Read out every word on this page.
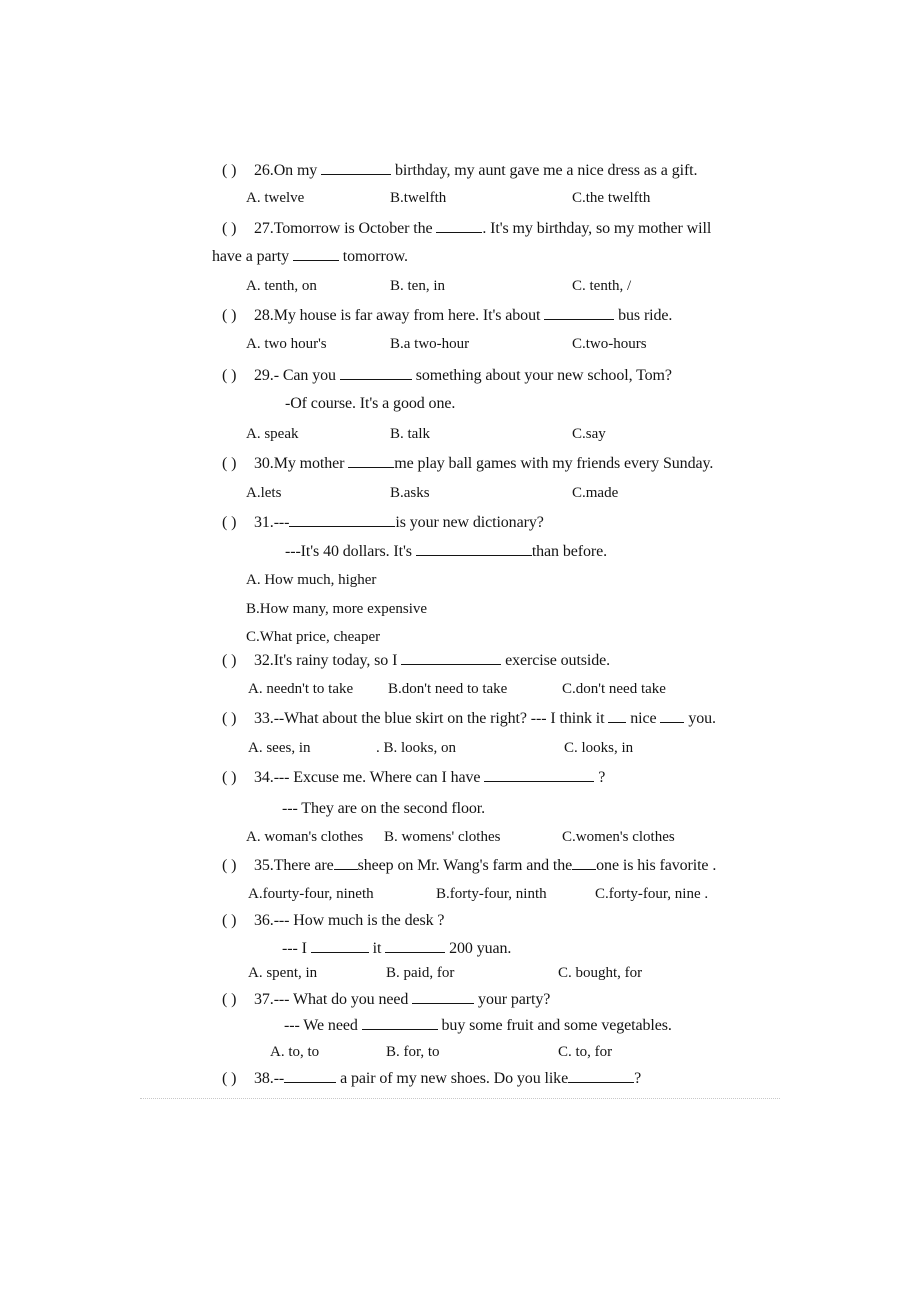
( ) 26.On my	birthday, my aunt gave me a nice dress as a gift.
A. twelve	B.twelfth	C.the twelfth
( ) 27.Tomorrow is October the	. It's my birthday, so my mother will
have a party	tomorrow.
A. tenth, on	B. ten, in	C. tenth, /
( ) 28.My house is far away from here. It's about	bus ride.
A. two hour's	B.a two-hour	C.two-hours
( ) 29.- Can you	something about your new school, Tom?
-Of course. It's a good one.
A. speak	B. talk	C.say
( ) 30.My mother	me play ball games with my friends every Sunday.
A.lets	B.asks	C.made
( ) 31.---	is your new dictionary?
---It's 40 dollars. It's	than before.
A. How much, higher
B.How many, more expensive
C.What price, cheaper
( ) 32.It's rainy today, so I	exercise outside.
A. needn't to take B.don't need to take	C.don't need take
( ) 33.--What about the blue skirt on the right? --- I think it  nice  you.
A. sees, in	. B. looks, on	C. looks, in
( ) 34.--- Excuse me. Where can I have	?
--- They are on the second floor.
A. woman's clothes B. womens' clothes	C.women's clothes
( ) 35.There are sheep on Mr. Wang's farm and the one is his favorite .
A.fourty-four, nineth	B.forty-four, ninth	C.forty-four, nine .
( ) 36.--- How much is the desk ?
--- I	it	200 yuan.
A. spent, in	B. paid, for	C. bought, for
( ) 37.--- What do you need	your party?
--- We need	buy some fruit and some vegetables.
A. to, to	B. for, to	C. to, for
( ) 38.--	a pair of my new shoes. Do you like	?
